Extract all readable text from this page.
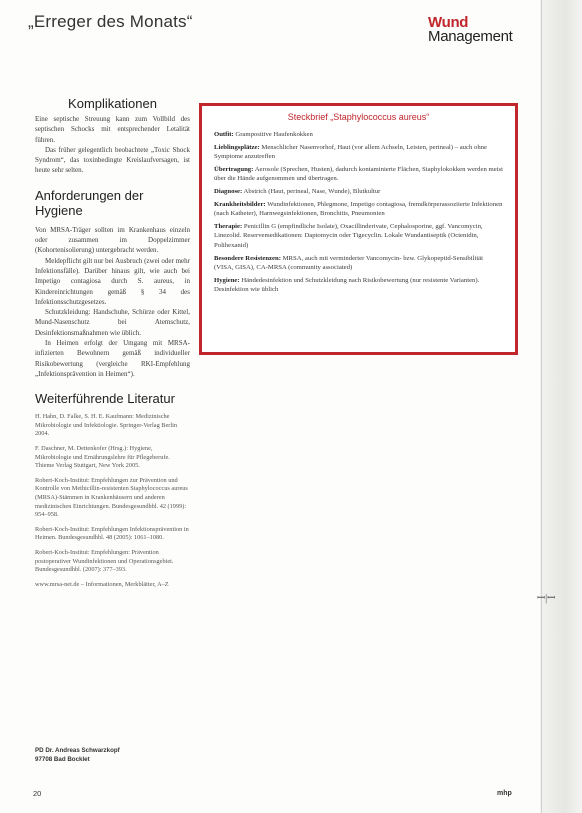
ꟷ|ꟷ
„Erreger des Monats“	Wund
Management
Komplikationen

Eine septische Streuung kann zum Vollbild des septischen Schocks mit entsprechender Letalität führen.

Das früher gelegentlich beobachtete „Toxic Shock Syndrom“, das toxinbedingte Kreislaufversagen, ist heute sehr selten.

Anforderungen der Hygiene

Von MRSA-Träger sollten im Krankenhaus einzeln oder zusammen im Doppelzimmer (Kohortenisolierung) untergebracht werden.

Meldepflicht gilt nur bei Ausbruch (zwei oder mehr Infektionsfälle). Darüber hinaus gilt, wie auch bei Impetigo contagiosa durch S. aureus, in Kindereinrichtungen gemäß § 34 des Infektionsschutzgesetzes.

Schutzkleidung: Handschuhe, Schürze oder Kittel, Mund-Nasenschutz bei Atemschutz, Desinfektionsmaßnahmen wie üblich.

In Heimen erfolgt der Umgang mit MRSA-infizierten Bewohnern gemäß individueller Risikobewertung (vergleiche RKI-Empfehlung „Infektionsprävention in Heimen“).

Weiterführende Literatur

H. Hahn, D. Falke, S. H. E. Kaufmann: Medizinische Mikrobiologie und Infektiologie. Springer-Verlag Berlin 2004.

F. Daschner, M. Dettenkofer (Hrsg.): Hygiene, Mikrobiologie und Ernährungslehre für Pflegeberufe. Thieme Verlag Stuttgart, New York 2005.

Robert-Koch-Institut: Empfehlungen zur Prävention und Kontrolle von Methicillin-resistenten Staphylococcus aureus (MRSA)-Stämmen in Krankenhäusern und anderen medizinischen Einrichtungen. Bundesgesundhbl. 42 (1999): 954–958.

Robert-Koch-Institut: Empfehlungen Infektionsprävention in Heimen. Bundesgesundhbl. 48 (2005): 1061–1080.

Robert-Koch-Institut: Empfehlungen: Prävention postoperativer Wundinfektionen und Operationsgebiet. Bundesgesundhbl. (2007): 377–393.

www.mrsa-net.de – Informationen, Merkblätter, A–Z

Steckbrief „Staphylococcus aureus“

Outfit: Grampositive Haufenkokken

Lieblingsplätze: Menschlicher Nasenvorhof, Haut (vor allem Achseln, Leisten, perineal) – auch ohne Symptome anzutreffen

Übertragung: Aerosole (Sprechen, Husten), dadurch kontaminierte Flächen, Staphylokokken werden meist über die Hände aufgenommen und übertragen.

Diagnose: Abstrich (Haut, perineal, Nase, Wunde), Blutkultur

Krankheitsbilder: Wundinfektionen, Phlegmone, Impetigo contagiosa, fremdkörperassoziierte Infektionen (nach Katheter), Harnwegsinfektionen, Bronchitis, Pneumonien

Therapie: Penicillin G (empfindliche Isolate), Oxacillinderivate, Cephalosporine, ggf. Vancomycin, Linezolid. Reservemedikationen: Daptomycin oder Tigecyclin. Lokale Wundantiseptik (Octenidin, Polihexanid)

Besondere Resistenzen: MRSA, auch mit verminderter Vancomycin- bzw. Glykopeptid-Sensibilität (VISA, GISA), CA-MRSA (community associated)

Hygiene: Händedesinfektion und Schutzkleidung nach Risikobewertung (nur resistente Varianten). Desinfektion wie üblich

PD Dr. Andreas Schwarzkopf
97708 Bad Bocklet
20	mhp
